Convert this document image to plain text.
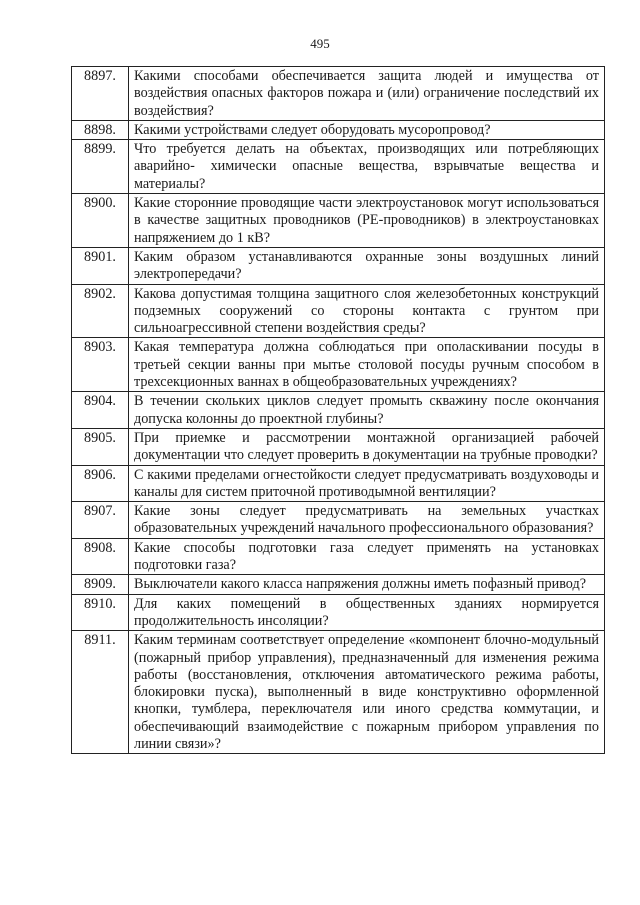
495
8897.	Какими способами обеспечивается защита людей и имущества от воздействия опасных факторов пожара и (или) ограничение последствий их воздействия?
8898.	Какими устройствами следует оборудовать мусоропровод?
8899.	Что требуется делать на объектах, производящих или потребляющих аварийно- химически опасные вещества, взрывчатые вещества и материалы?
8900.	Какие сторонние проводящие части электроустановок могут использоваться в качестве защитных проводников (PE-проводников) в электроустановках напряжением до 1 кВ?
8901.	Каким образом устанавливаются охранные зоны воздушных линий электропередачи?
8902.	Какова допустимая толщина защитного слоя железобетонных конструкций подземных сооружений со стороны контакта с грунтом при сильноагрессивной степени воздействия среды?
8903.	Какая температура должна соблюдаться при ополаскивании посуды в третьей секции ванны при мытье столовой посуды ручным способом в трехсекционных ваннах в общеобразовательных учреждениях?
8904.	В течении скольких циклов следует промыть скважину после окончания допуска колонны до проектной глубины?
8905.	При приемке и рассмотрении монтажной организацией рабочей документации что следует проверить в документации на трубные проводки?
8906.	С какими пределами огнестойкости следует предусматривать воздуховоды и каналы для систем приточной противодымной вентиляции?
8907.	Какие зоны следует предусматривать на земельных участках образовательных учреждений начального профессионального образования?
8908.	Какие способы подготовки газа следует применять на установках подготовки газа?
8909.	Выключатели какого класса напряжения должны иметь пофазный привод?
8910.	Для каких помещений в общественных зданиях нормируется продолжительность инсоляции?
8911.	Каким терминам соответствует определение «компонент блочно-модульный (пожарный прибор управления), предназначенный для изменения режима работы (восстановления, отключения автоматического режима работы, блокировки пуска), выполненный в виде конструктивно оформленной кнопки, тумблера, переключателя или иного средства коммутации, и обеспечивающий взаимодействие с пожарным прибором управления по линии связи»?
